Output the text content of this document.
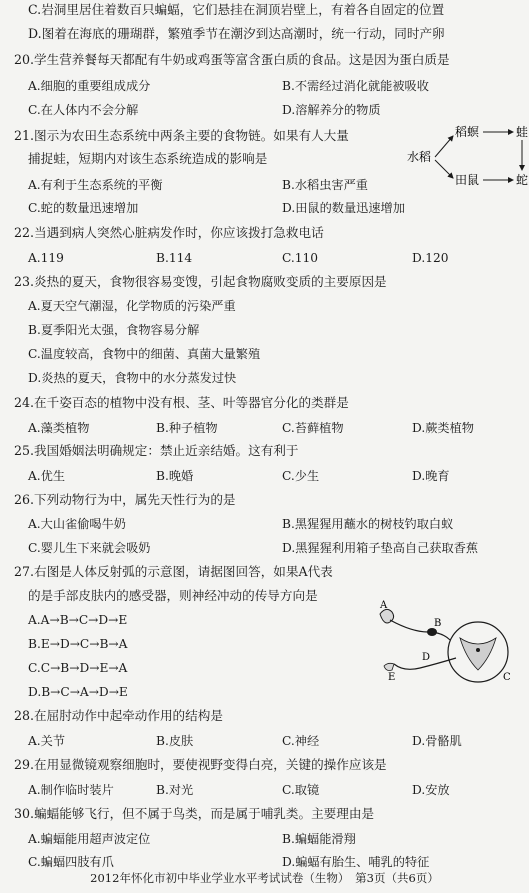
C.岩洞里居住着数百只蝙蝠，它们悬挂在洞顶岩壁上，有着各自固定的位置
D.图着在海底的珊瑚群，繁殖季节在潮汐到达高潮时，统一行动，同时产卵
20.学生营养餐每天都配有牛奶或鸡蛋等富含蛋白质的食品。这是因为蛋白质是
A.细胞的重要组成成分	B.不需经过消化就能被吸收
C.在人体内不会分解	D.溶解养分的物质
21.图示为农田生态系统中两条主要的食物链。如果有人大量
捕捉蛙，短期内对该生态系统造成的影响是
A.有利于生态系统的平衡	B.水稻虫害严重
C.蛇的数量迅速增加	D.田鼠的数量迅速增加
水稻
稻螟	蛙
田鼠	蛇
22.当遇到病人突然心脏病发作时，你应该拨打急救电话
A.119	B.114	C.110	D.120
23.炎热的夏天，食物很容易变馊，引起食物腐败变质的主要原因是
A.夏天空气潮湿，化学物质的污染严重
B.夏季阳光太强，食物容易分解
C.温度较高，食物中的细菌、真菌大量繁殖
D.炎热的夏天，食物中的水分蒸发过快
24.在千姿百态的植物中没有根、茎、叶等器官分化的类群是
A.藻类植物	B.种子植物	C.苔藓植物	D.蕨类植物
25.我国婚姻法明确规定：禁止近亲结婚。这有利于
A.优生	B.晚婚	C.少生	D.晚育
26.下列动物行为中，属先天性行为的是
A.大山雀偷喝牛奶	B.黑猩猩用蘸水的树枝钓取白蚁
C.婴儿生下来就会吸奶	D.黑猩猩利用箱子垫高自己获取香蕉
27.右图是人体反射弧的示意图，请据图回答，如果A代表
的是手部皮肤内的感受器，则神经冲动的传导方向是
A.A→B→C→D→E
B.E→D→C→B→A
C.C→B→D→E→A
D.B→C→A→D→E
A
B
C
D
E
28.在屈肘动作中起牵动作用的结构是
A.关节	B.皮肤	C.神经	D.骨骼肌
29.在用显微镜观察细胞时，要使视野变得白亮，关键的操作应该是
A.制作临时装片	B.对光	C.取镜	D.安放
30.蝙蝠能够飞行，但不属于鸟类，而是属于哺乳类。主要理由是
A.蝙蝠能用超声波定位	B.蝙蝠能滑翔
C.蝙蝠四肢有爪	D.蝙蝠有胎生、哺乳的特征
2012年怀化市初中毕业学业水平考试试卷（生物）　第3页（共6页）
